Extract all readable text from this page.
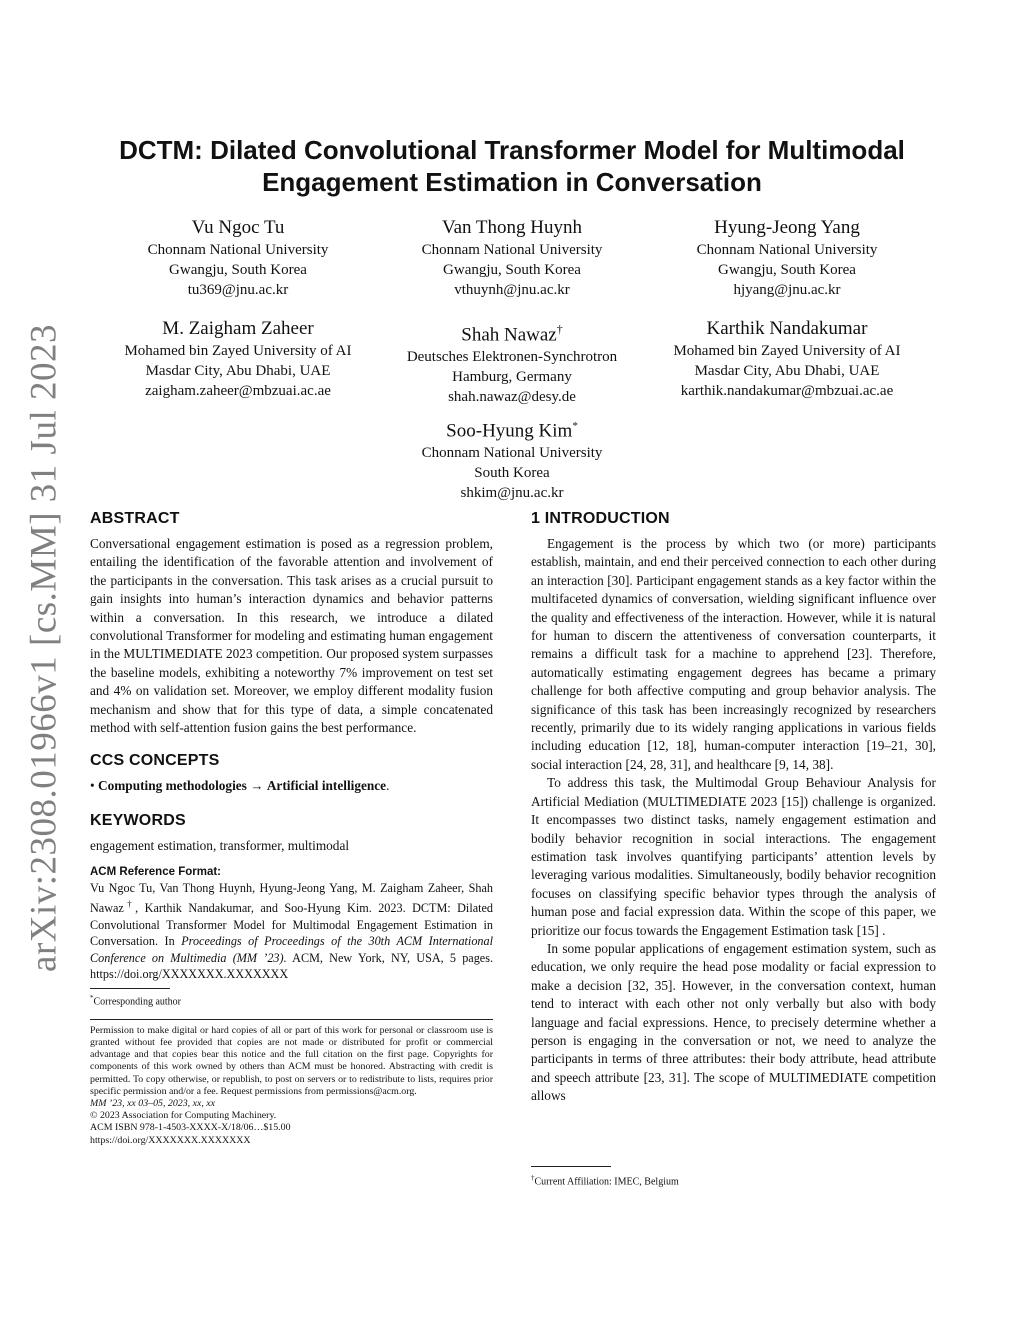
arXiv:2308.01966v1 [cs.MM] 31 Jul 2023
DCTM: Dilated Convolutional Transformer Model for Multimodal
Engagement Estimation in Conversation
Vu Ngoc Tu
Chonnam National University
Gwangju, South Korea
tu369@jnu.ac.kr
Van Thong Huynh
Chonnam National University
Gwangju, South Korea
vthuynh@jnu.ac.kr
Hyung-Jeong Yang
Chonnam National University
Gwangju, South Korea
hjyang@jnu.ac.kr
M. Zaigham Zaheer
Mohamed bin Zayed University of AI
Masdar City, Abu Dhabi, UAE
zaigham.zaheer@mbzuai.ac.ae
Shah Nawaz†
Deutsches Elektronen-Synchrotron
Hamburg, Germany
shah.nawaz@desy.de
Karthik Nandakumar
Mohamed bin Zayed University of AI
Masdar City, Abu Dhabi, UAE
karthik.nandakumar@mbzuai.ac.ae
Soo-Hyung Kim*
Chonnam National University
South Korea
shkim@jnu.ac.kr
ABSTRACT

Conversational engagement estimation is posed as a regression problem, entailing the identification of the favorable attention and involvement of the participants in the conversation. This task arises as a crucial pursuit to gain insights into human’s interaction dynamics and behavior patterns within a conversation. In this research, we introduce a dilated convolutional Transformer for modeling and estimating human engagement in the MULTIMEDIATE 2023 competition. Our proposed system surpasses the baseline models, exhibiting a noteworthy 7% improvement on test set and 4% on validation set. Moreover, we employ different modality fusion mechanism and show that for this type of data, a simple concatenated method with self-attention fusion gains the best performance.

CCS CONCEPTS

• Computing methodologies → Artificial intelligence.

KEYWORDS

engagement estimation, transformer, multimodal

ACM Reference Format:

Vu Ngoc Tu, Van Thong Huynh, Hyung-Jeong Yang, M. Zaigham Zaheer, Shah Nawaz†, Karthik Nandakumar, and Soo-Hyung Kim. 2023. DCTM: Dilated Convolutional Transformer Model for Multimodal Engagement Estimation in Conversation. In Proceedings of Proceedings of the 30th ACM International Conference on Multimedia (MM ’23). ACM, New York, NY, USA, 5 pages. https://doi.org/XXXXXXX.XXXXXXX

*Corresponding author

Permission to make digital or hard copies of all or part of this work for personal or classroom use is granted without fee provided that copies are not made or distributed for profit or commercial advantage and that copies bear this notice and the full citation on the first page. Copyrights for components of this work owned by others than ACM must be honored. Abstracting with credit is permitted. To copy otherwise, or republish, to post on servers or to redistribute to lists, requires prior specific permission and/or a fee. Request permissions from permissions@acm.org.

MM ’23, xx 03–05, 2023, xx, xx

© 2023 Association for Computing Machinery.

ACM ISBN 978-1-4503-XXXX-X/18/06…$15.00

https://doi.org/XXXXXXX.XXXXXXX

1 INTRODUCTION

Engagement is the process by which two (or more) participants establish, maintain, and end their perceived connection to each other during an interaction [30]. Participant engagement stands as a key factor within the multifaceted dynamics of conversation, wielding significant influence over the quality and effectiveness of the interaction. However, while it is natural for human to discern the attentiveness of conversation counterparts, it remains a difficult task for a machine to apprehend [23]. Therefore, automatically estimating engagement degrees has became a primary challenge for both affective computing and group behavior analysis. The significance of this task has been increasingly recognized by researchers recently, primarily due to its widely ranging applications in various fields including education [12, 18], human-computer interaction [19–21, 30], social interaction [24, 28, 31], and healthcare [9, 14, 38].

To address this task, the Multimodal Group Behaviour Analysis for Artificial Mediation (MULTIMEDIATE 2023 [15]) challenge is organized. It encompasses two distinct tasks, namely engagement estimation and bodily behavior recognition in social interactions. The engagement estimation task involves quantifying participants’ attention levels by leveraging various modalities. Simultaneously, bodily behavior recognition focuses on classifying specific behavior types through the analysis of human pose and facial expression data. Within the scope of this paper, we prioritize our focus towards the Engagement Estimation task [15] .

In some popular applications of engagement estimation system, such as education, we only require the head pose modality or facial expression to make a decision [32, 35]. However, in the conversation context, human tend to interact with each other not only verbally but also with body language and facial expressions. Hence, to precisely determine whether a person is engaging in the conversation or not, we need to analyze the participants in terms of three attributes: their body attribute, head attribute and speech attribute [23, 31]. The scope of MULTIMEDIATE competition allows

†Current Affiliation: IMEC, Belgium
